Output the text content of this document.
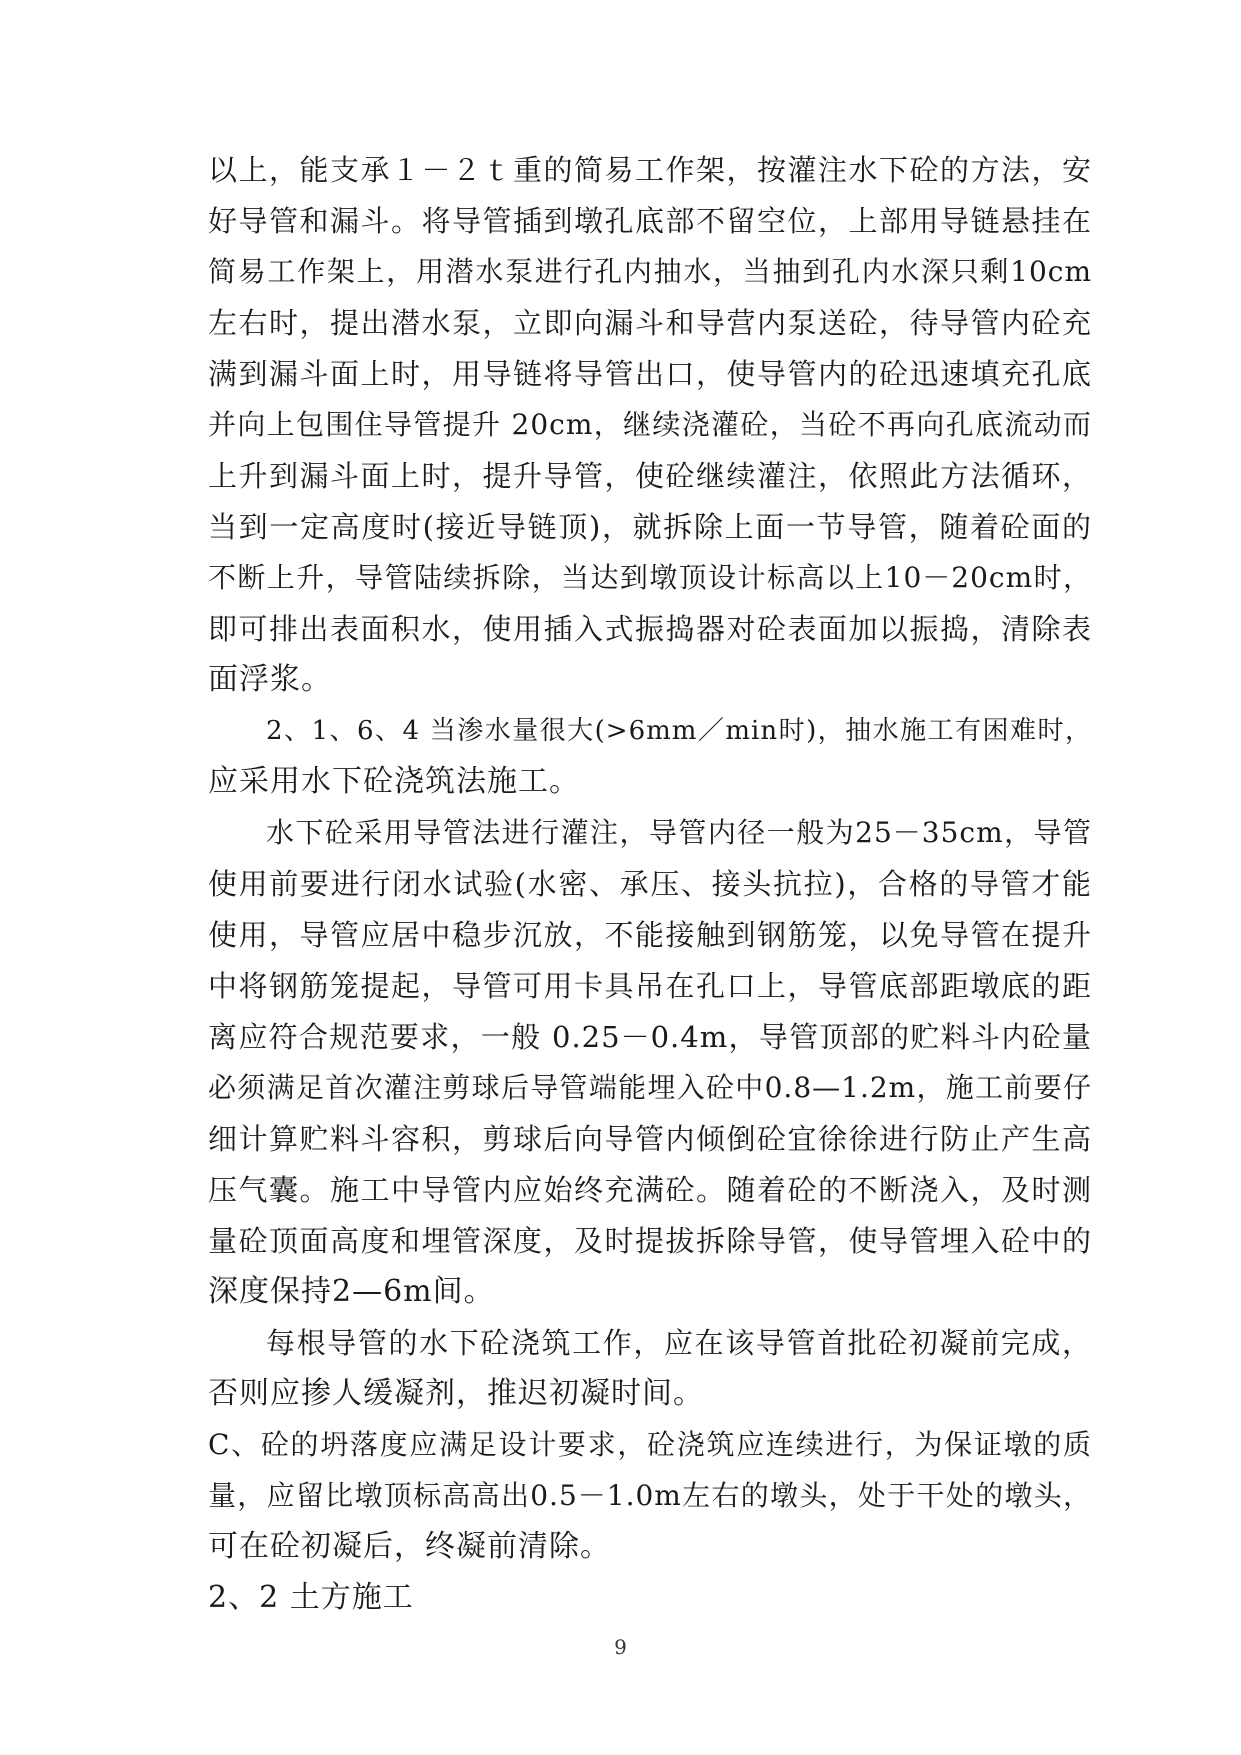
以上，能支承１－２ｔ重的简易工作架，按灌注水下砼的方法，安
好导管和漏斗。将导管插到墩孔底部不留空位，上部用导链悬挂在
简易工作架上，用潜水泵进行孔内抽水，当抽到孔内水深只剩10cm
左右时，提出潜水泵，立即向漏斗和导营内泵送砼，待导管内砼充
满到漏斗面上时，用导链将导管出口，使导管内的砼迅速填充孔底
并向上包围住导管提升 20cm，继续浇灌砼，当砼不再向孔底流动而
上升到漏斗面上时，提升导管，使砼继续灌注，依照此方法循环，
当到一定高度时(接近导链顶)，就拆除上面一节导管，随着砼面的
不断上升，导管陆续拆除，当达到墩顶设计标高以上10－20cm时，
即可排出表面积水，使用插入式振捣器对砼表面加以振捣，清除表
面浮浆。
2、1、6、4 当渗水量很大(>6mm／min时)，抽水施工有困难时，
应采用水下砼浇筑法施工。
水下砼采用导管法进行灌注，导管内径一般为25－35cm，导管
使用前要进行闭水试验(水密、承压、接头抗拉)，合格的导管才能
使用，导管应居中稳步沉放，不能接触到钢筋笼，以免导管在提升
中将钢筋笼提起，导管可用卡具吊在孔口上，导管底部距墩底的距
离应符合规范要求，一般 0.25－0.4m，导管顶部的贮料斗内砼量
必须满足首次灌注剪球后导管端能埋入砼中0.8—1.2m，施工前要仔
细计算贮料斗容积，剪球后向导管内倾倒砼宜徐徐进行防止产生高
压气囊。施工中导管内应始终充满砼。随着砼的不断浇入，及时测
量砼顶面高度和埋管深度，及时提拔拆除导管，使导管埋入砼中的
深度保持2—6m间。
每根导管的水下砼浇筑工作，应在该导管首批砼初凝前完成，
否则应掺人缓凝剂，推迟初凝时间。
C、砼的坍落度应满足设计要求，砼浇筑应连续进行，为保证墩的质
量，应留比墩顶标高高出0.5－1.0m左右的墩头，处于干处的墩头，
可在砼初凝后，终凝前清除。
2、2 土方施工
9
